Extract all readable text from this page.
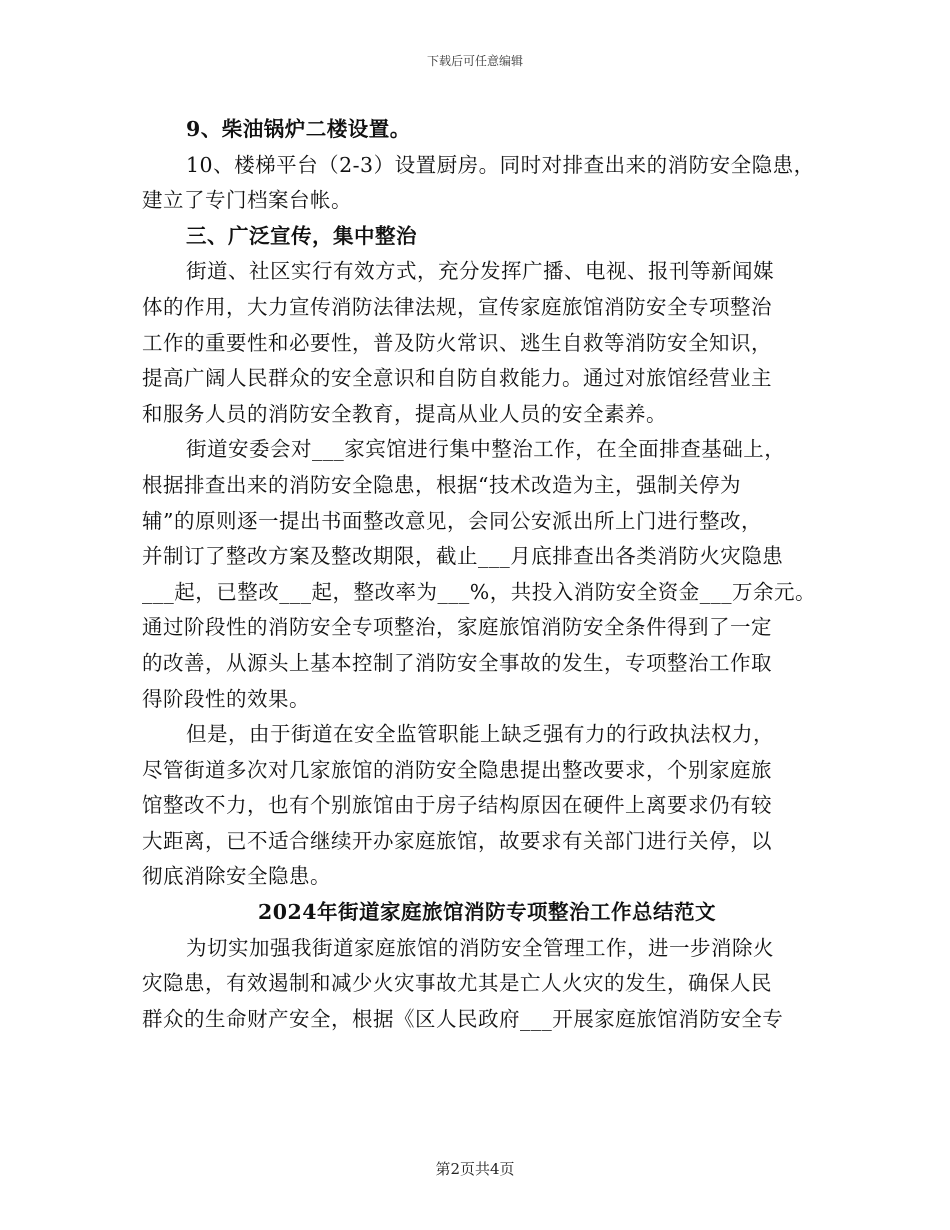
下载后可任意编辑
9、柴油锅炉二楼设置。
10、楼梯平台（2-3）设置厨房。同时对排查出来的消防安全隐患，
建立了专门档案台帐。
三、广泛宣传，集中整治
街道、社区实行有效方式，充分发挥广播、电视、报刊等新闻媒
体的作用，大力宣传消防法律法规，宣传家庭旅馆消防安全专项整治
工作的重要性和必要性，普及防火常识、逃生自救等消防安全知识，
提高广阔人民群众的安全意识和自防自救能力。通过对旅馆经营业主
和服务人员的消防安全教育，提高从业人员的安全素养。
街道安委会对___家宾馆进行集中整治工作，在全面排查基础上，
根据排查出来的消防安全隐患，根据“技术改造为主，强制关停为
辅”的原则逐一提出书面整改意见，会同公安派出所上门进行整改，
并制订了整改方案及整改期限，截止___月底排查出各类消防火灾隐患
___起，已整改___起，整改率为___%，共投入消防安全资金___万余元。
通过阶段性的消防安全专项整治，家庭旅馆消防安全条件得到了一定
的改善，从源头上基本控制了消防安全事故的发生，专项整治工作取
得阶段性的效果。
但是，由于街道在安全监管职能上缺乏强有力的行政执法权力，
尽管街道多次对几家旅馆的消防安全隐患提出整改要求，个别家庭旅
馆整改不力，也有个别旅馆由于房子结构原因在硬件上离要求仍有较
大距离，已不适合继续开办家庭旅馆，故要求有关部门进行关停，以
彻底消除安全隐患。
2024年街道家庭旅馆消防专项整治工作总结范文
为切实加强我街道家庭旅馆的消防安全管理工作，进一步消除火
灾隐患，有效遏制和减少火灾事故尤其是亡人火灾的发生，确保人民
群众的生命财产安全，根据《区人民政府___开展家庭旅馆消防安全专
第2页共4页
